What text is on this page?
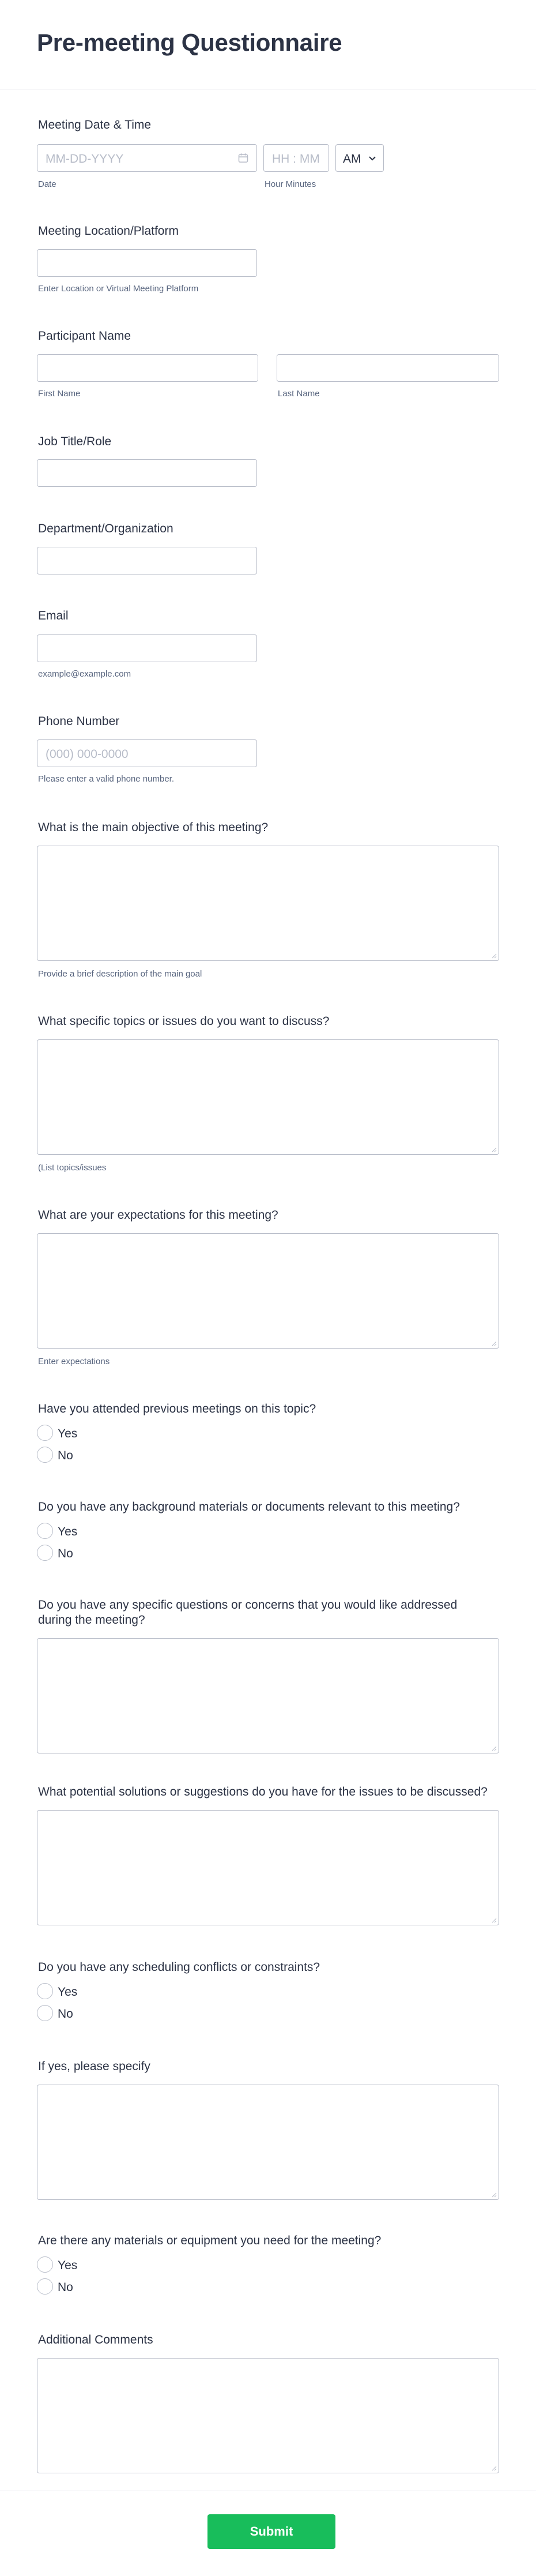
Pre-meeting Questionnaire
Meeting Date & Time
MM-DD-YYYY	HH : MM AM
Date	Hour Minutes
Meeting Location/Platform
Enter Location or Virtual Meeting Platform
Participant Name
First Name	Last Name
Job Title/Role
Department/Organization
Email
example@example.com
Phone Number
(000) 000-0000
Please enter a valid phone number.
What is the main objective of this meeting?
Provide a brief description of the main goal
What specific topics or issues do you want to discuss?
(List topics/issues
What are your expectations for this meeting?
Enter expectations
Have you attended previous meetings on this topic?
Yes
No
Do you have any background materials or documents relevant to this meeting?
Yes
No
Do you have any specific questions or concerns that you would like addressed
during the meeting?
What potential solutions or suggestions do you have for the issues to be discussed?
Do you have any scheduling conflicts or constraints?
Yes
No
If yes, please specify
Are there any materials or equipment you need for the meeting?
Yes
No
Additional Comments
Submit
